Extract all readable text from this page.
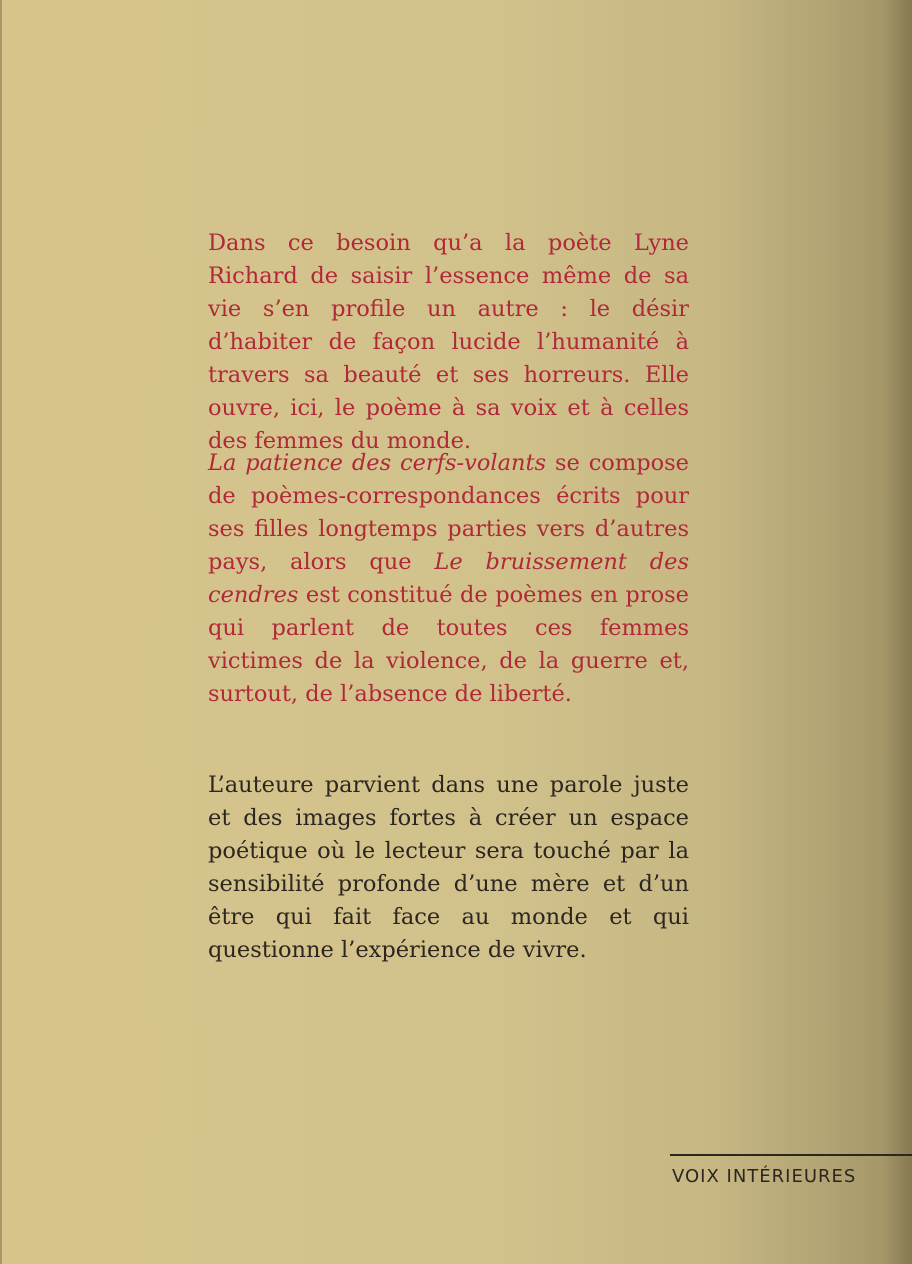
Dans ce besoin qu’a la poète Lyne Richard de saisir l’essence même de sa vie s’en profile un autre : le désir d’habiter de façon lucide l’humanité à travers sa beauté et ses horreurs. Elle ouvre, ici, le poème à sa voix et à celles des femmes du monde.

La patience des cerfs-volants se compose de poèmes-correspondances écrits pour ses filles longtemps parties vers d’autres pays, alors que Le bruissement des cendres est constitué de poèmes en prose qui parlent de toutes ces femmes victimes de la violence, de la guerre et, surtout, de l’absence de liberté.

L’auteure parvient dans une parole juste et des images fortes à créer un espace poétique où le lecteur sera touché par la sensibilité profonde d’une mère et d’un être qui fait face au monde et qui questionne l’expérience de vivre.

VOIX INTÉRIEURES
